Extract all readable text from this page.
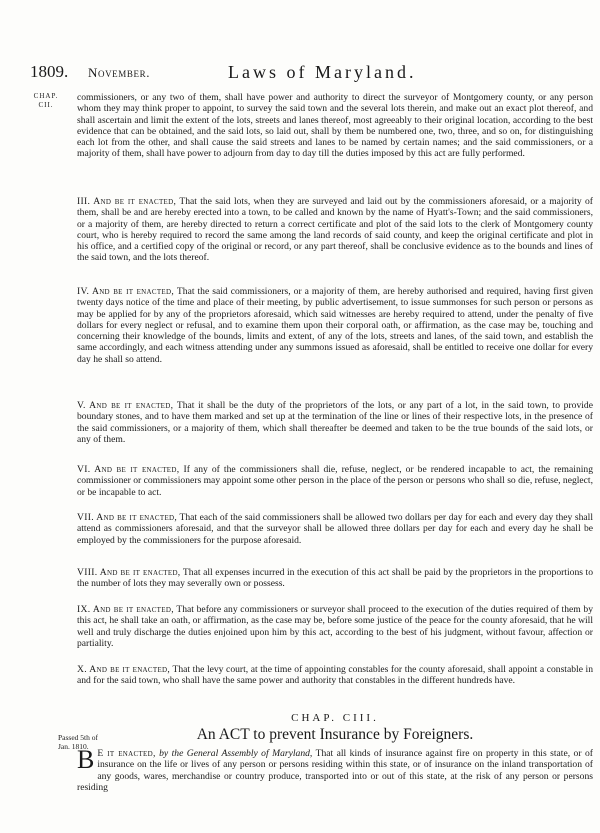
1809. November.	Laws of Maryland.
CHAP.
CII.

commissioners, or any two of them, shall have power and authority to direct the surveyor of Montgomery county, or any person whom they may think proper to appoint, to survey the said town and the several lots therein, and make out an exact plot thereof, and shall ascertain and limit the extent of the lots, streets and lanes thereof, most agreeably to their original location, according to the best evidence that can be obtained, and the said lots, so laid out, shall by them be numbered one, two, three, and so on, for distinguishing each lot from the other, and shall cause the said streets and lanes to be named by certain names; and the said commissioners, or a majority of them, shall have power to adjourn from day to day till the duties imposed by this act are fully performed.

III. And be it enacted, That the said lots, when they are surveyed and laid out by the commissioners aforesaid, or a majority of them, shall be and are hereby erected into a town, to be called and known by the name of Hyatt's-Town; and the said commissioners, or a majority of them, are hereby directed to return a correct certificate and plot of the said lots to the clerk of Montgomery county court, who is hereby required to record the same among the land records of said county, and keep the original certificate and plot in his office, and a certified copy of the original or record, or any part thereof, shall be conclusive evidence as to the bounds and lines of the said town, and the lots thereof.

IV. And be it enacted, That the said commissioners, or a majority of them, are hereby authorised and required, having first given twenty days notice of the time and place of their meeting, by public advertisement, to issue summonses for such person or persons as may be applied for by any of the proprietors aforesaid, which said witnesses are hereby required to attend, under the penalty of five dollars for every neglect or refusal, and to examine them upon their corporal oath, or affirmation, as the case may be, touching and concerning their knowledge of the bounds, limits and extent, of any of the lots, streets and lanes, of the said town, and establish the same accordingly, and each witness attending under any summons issued as aforesaid, shall be entitled to receive one dollar for every day he shall so attend.

V. And be it enacted, That it shall be the duty of the proprietors of the lots, or any part of a lot, in the said town, to provide boundary stones, and to have them marked and set up at the termination of the line or lines of their respective lots, in the presence of the said commissioners, or a majority of them, which shall thereafter be deemed and taken to be the true bounds of the said lots, or any of them.

VI. And be it enacted, If any of the commissioners shall die, refuse, neglect, or be rendered incapable to act, the remaining commissioner or commissioners may appoint some other person in the place of the person or persons who shall so die, refuse, neglect, or be incapable to act.

VII. And be it enacted, That each of the said commissioners shall be allowed two dollars per day for each and every day they shall attend as commissioners aforesaid, and that the surveyor shall be allowed three dollars per day for each and every day he shall be employed by the commissioners for the purpose aforesaid.

VIII. And be it enacted, That all expenses incurred in the execution of this act shall be paid by the proprietors in the proportions to the number of lots they may severally own or possess.

IX. And be it enacted, That before any commissioners or surveyor shall proceed to the execution of the duties required of them by this act, he shall take an oath, or affirmation, as the case may be, before some justice of the peace for the county aforesaid, that he will well and truly discharge the duties enjoined upon him by this act, according to the best of his judgment, without favour, affection or partiality.

X. And be it enacted, That the levy court, at the time of appointing constables for the county aforesaid, shall appoint a constable in and for the said town, who shall have the same power and authority that constables in the different hundreds have.

CHAP. CIII.
Passed 5th of Jan. 1810.
An ACT to prevent Insurance by Foreigners.

B E it enacted, by the General Assembly of Maryland, That all kinds of insurance against fire on property in this state, or of insurance on the life or lives of any person or persons residing within this state, or of insurance on the inland transportation of any goods, wares, merchandise or country produce, transported into or out of this state, at the risk of any person or persons residing
